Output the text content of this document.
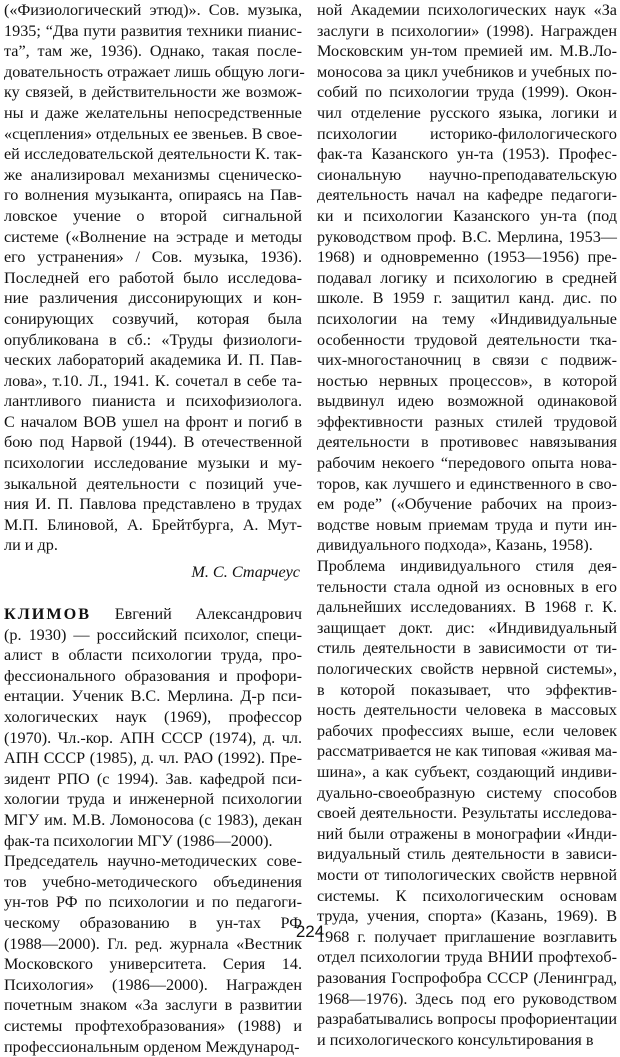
(«Физиологический этюд)». Сов. музыка,
1935; “Два пути развития техники пианис-
та”, там же, 1936). Однако, такая после-
довательность отражает лишь общую логи-
ку связей, в действительности же возмож-
ны и даже желательны непосредственные
«сцепления» отдельных ее звеньев. В свое-
ей исследовательской деятельности К. так-
же анализировал механизмы сценическо-
го волнения музыканта, опираясь на Пав-
ловское учение о второй сигнальной
системе («Волнение на эстраде и методы
его устранения» / Сов. музыка, 1936).
Последней его работой было исследова-
ние различения диссонирующих и кон-
сонирующих созвучий, которая была
опубликована в сб.: «Труды физиологи-
ческих лабораторий академика И. П. Пав-
лова», т.10. Л., 1941. К. сочетал в себе та-
лантливого пианиста и психофизиолога.
С началом ВОВ ушел на фронт и погиб в
бою под Нарвой (1944). В отечественной
психологии исследование музыки и му-
зыкальной деятельности с позиций уче-
ния И. П. Павлова представлено в трудах
М.П. Блиновой, А. Брейтбурга, А. Мут-
ли и др.
М. С. Старчеус
КЛИМОВ Евгений Александрович
(р. 1930) — российский психолог, специ-
алист в области психологии труда, про-
фессионального образования и профори-
ентации. Ученик В.С. Мерлина. Д-р пси-
хологических наук (1969), профессор
(1970). Чл.-кор. АПН СССР (1974), д. чл.
АПН СССР (1985), д. чл. РАО (1992). Пре-
зидент РПО (с 1994). Зав. кафедрой пси-
хологии труда и инженерной психологии
МГУ им. М.В. Ломоносова (с 1983), декан
фак-та психологии МГУ (1986—2000).
Председатель научно-методических сове-
тов учебно-методического объединения
ун-тов РФ по психологии и по педагоги-
ческому образованию в ун-тах РФ
(1988—2000). Гл. ред. журнала «Вестник
Московского университета. Серия 14.
Психология» (1986—2000). Награжден
почетным знаком «За заслуги в развитии
системы профтехобразования» (1988) и
профессиональным орденом Международ-
ной Академии психологических наук «За
заслуги в психологии» (1998). Награжден
Московским ун-том премией им. М.В.Ло-
моносова за цикл учебников и учебных по-
собий по психологии труда (1999). Окон-
чил отделение русского языка, логики и
психологии историко-филологического
фак-та Казанского ун-та (1953). Профес-
сиональную научно-преподавательскую
деятельность начал на кафедре педагоги-
ки и психологии Казанского ун-та (под
руководством проф. В.С. Мерлина, 1953—
1968) и одновременно (1953—1956) пре-
подавал логику и психологию в средней
школе. В 1959 г. защитил канд. дис. по
психологии на тему «Индивидуальные
особенности трудовой деятельности тка-
чих-многостаночниц в связи с подвиж-
ностью нервных процессов», в которой
выдвинул идею возможной одинаковой
эффективности разных стилей трудовой
деятельности в противовес навязывания
рабочим некоего “передового опыта нова-
торов, как лучшего и единственного в сво-
ем роде” («Обучение рабочих на произ-
водстве новым приемам труда и пути ин-
дивидуального подхода», Казань, 1958).
Проблема индивидуального стиля дея-
тельности стала одной из основных в его
дальнейших исследованиях. В 1968 г. К.
защищает докт. дис: «Индивидуальный
стиль деятельности в зависимости от ти-
пологических свойств нервной системы»,
в которой показывает, что эффектив-
ность деятельности человека в массовых
рабочих профессиях выше, если человек
рассматривается не как типовая «живая ма-
шина», а как субъект, создающий индиви-
дуально-своеобразную систему способов
своей деятельности. Результаты исследова-
ний были отражены в монографии «Инди-
видуальный стиль деятельности в зависи-
мости от типологических свойств нервной
системы. К психологическим основам
труда, учения, спорта» (Казань, 1969). В
1968 г. получает приглашение возглавить
отдел психологии труда ВНИИ профтехоб-
разования Госпрофобра СССР (Ленинград,
1968—1976). Здесь под его руководством
разрабатывались вопросы профориентации
и психологического консультирования в
224
